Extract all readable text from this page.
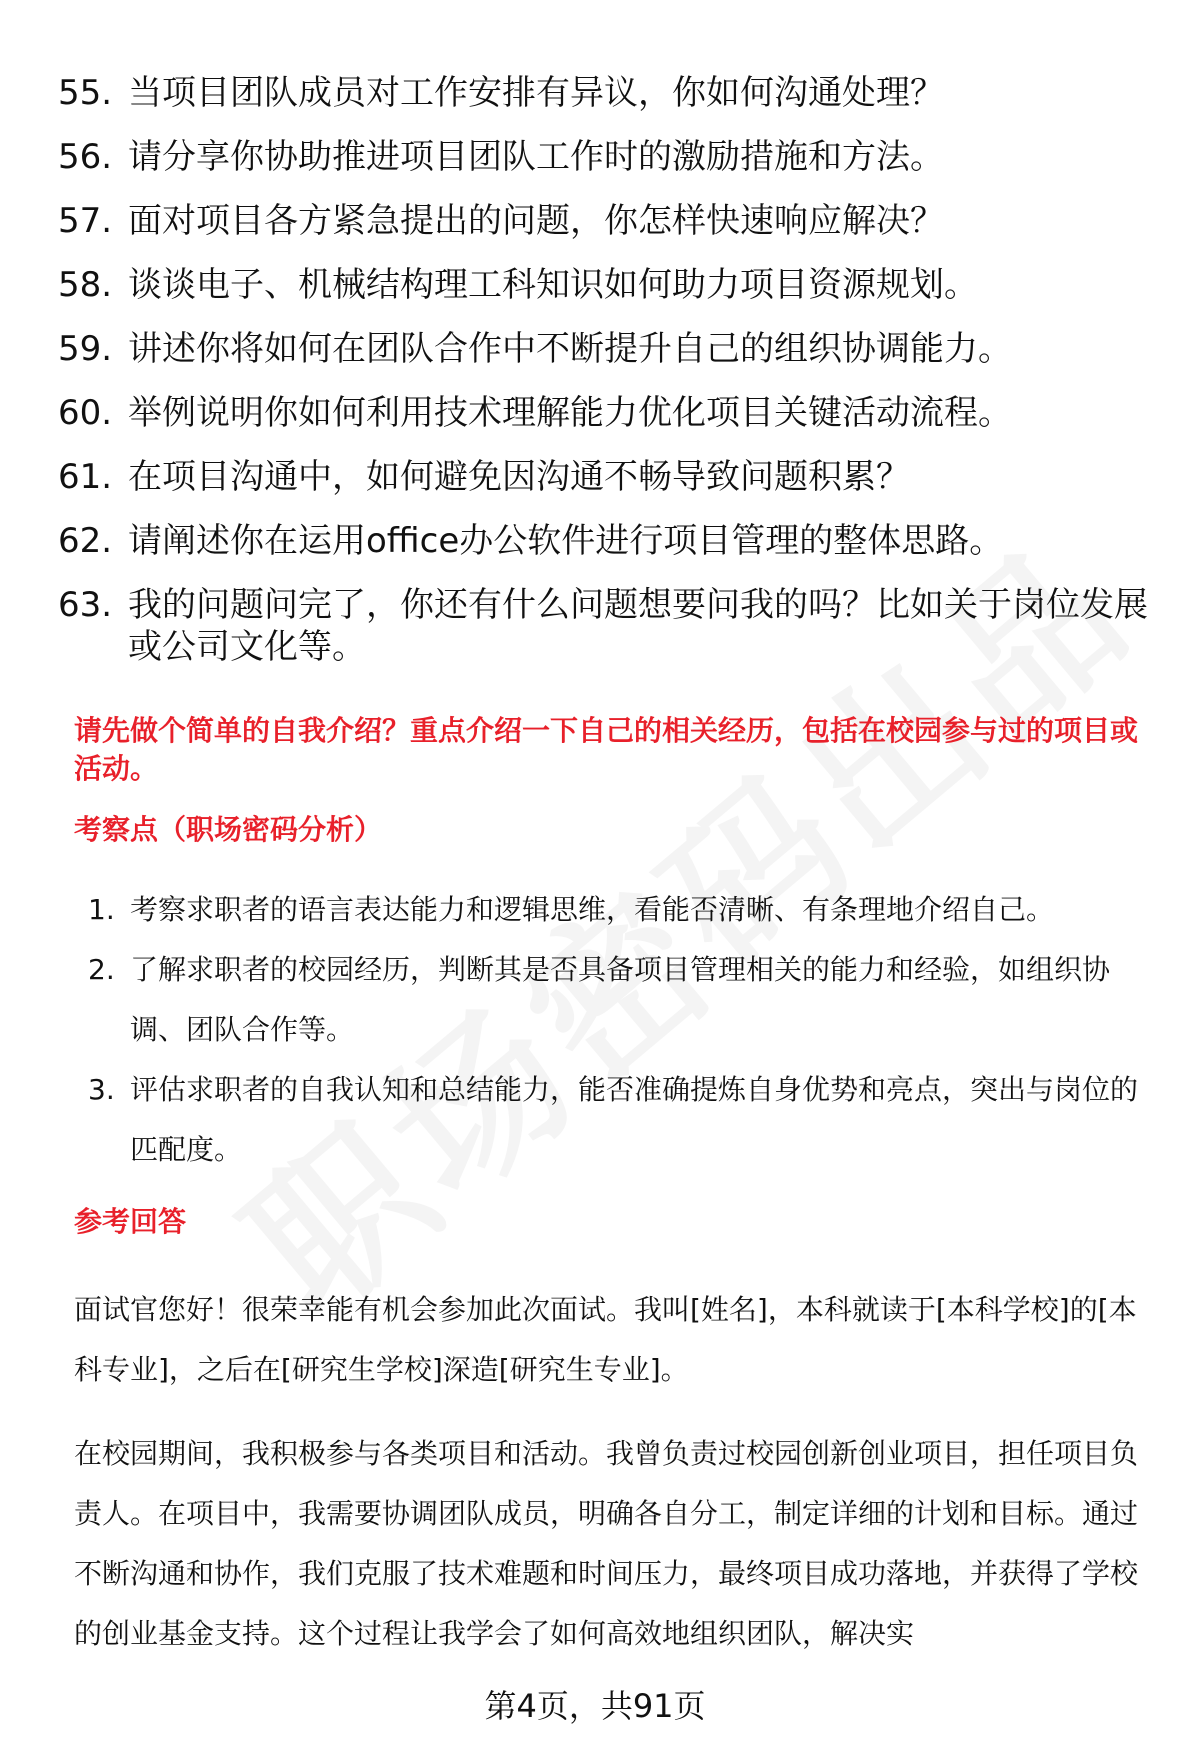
55. 当项目团队成员对工作安排有异议，你如何沟通处理？
56. 请分享你协助推进项目团队工作时的激励措施和方法。
57. 面对项目各方紧急提出的问题，你怎样快速响应解决？
58. 谈谈电子、机械结构理工科知识如何助力项目资源规划。
59. 讲述你将如何在团队合作中不断提升自己的组织协调能力。
60. 举例说明你如何利用技术理解能力优化项目关键活动流程。
61. 在项目沟通中，如何避免因沟通不畅导致问题积累？
62. 请阐述你在运用office办公软件进行项目管理的整体思路。
63. 我的问题问完了，你还有什么问题想要问我的吗？比如关于岗位发展或公司文化等。
请先做个简单的自我介绍？重点介绍一下自己的相关经历，包括在校园参与过的项目或活动。
考察点（职场密码分析）
1. 考察求职者的语言表达能力和逻辑思维，看能否清晰、有条理地介绍自己。
2. 了解求职者的校园经历，判断其是否具备项目管理相关的能力和经验，如组织协调、团队合作等。
3. 评估求职者的自我认知和总结能力，能否准确提炼自身优势和亮点，突出与岗位的匹配度。
参考回答

面试官您好！很荣幸能有机会参加此次面试。我叫[姓名]，本科就读于[本科学校]的[本科专业]，之后在[研究生学校]深造[研究生专业]。

在校园期间，我积极参与各类项目和活动。我曾负责过校园创新创业项目，担任项目负责人。在项目中，我需要协调团队成员，明确各自分工，制定详细的计划和目标。通过不断沟通和协作，我们克服了技术难题和时间压力，最终项目成功落地，并获得了学校的创业基金支持。这个过程让我学会了如何高效地组织团队，解决实

第4页，共91页
